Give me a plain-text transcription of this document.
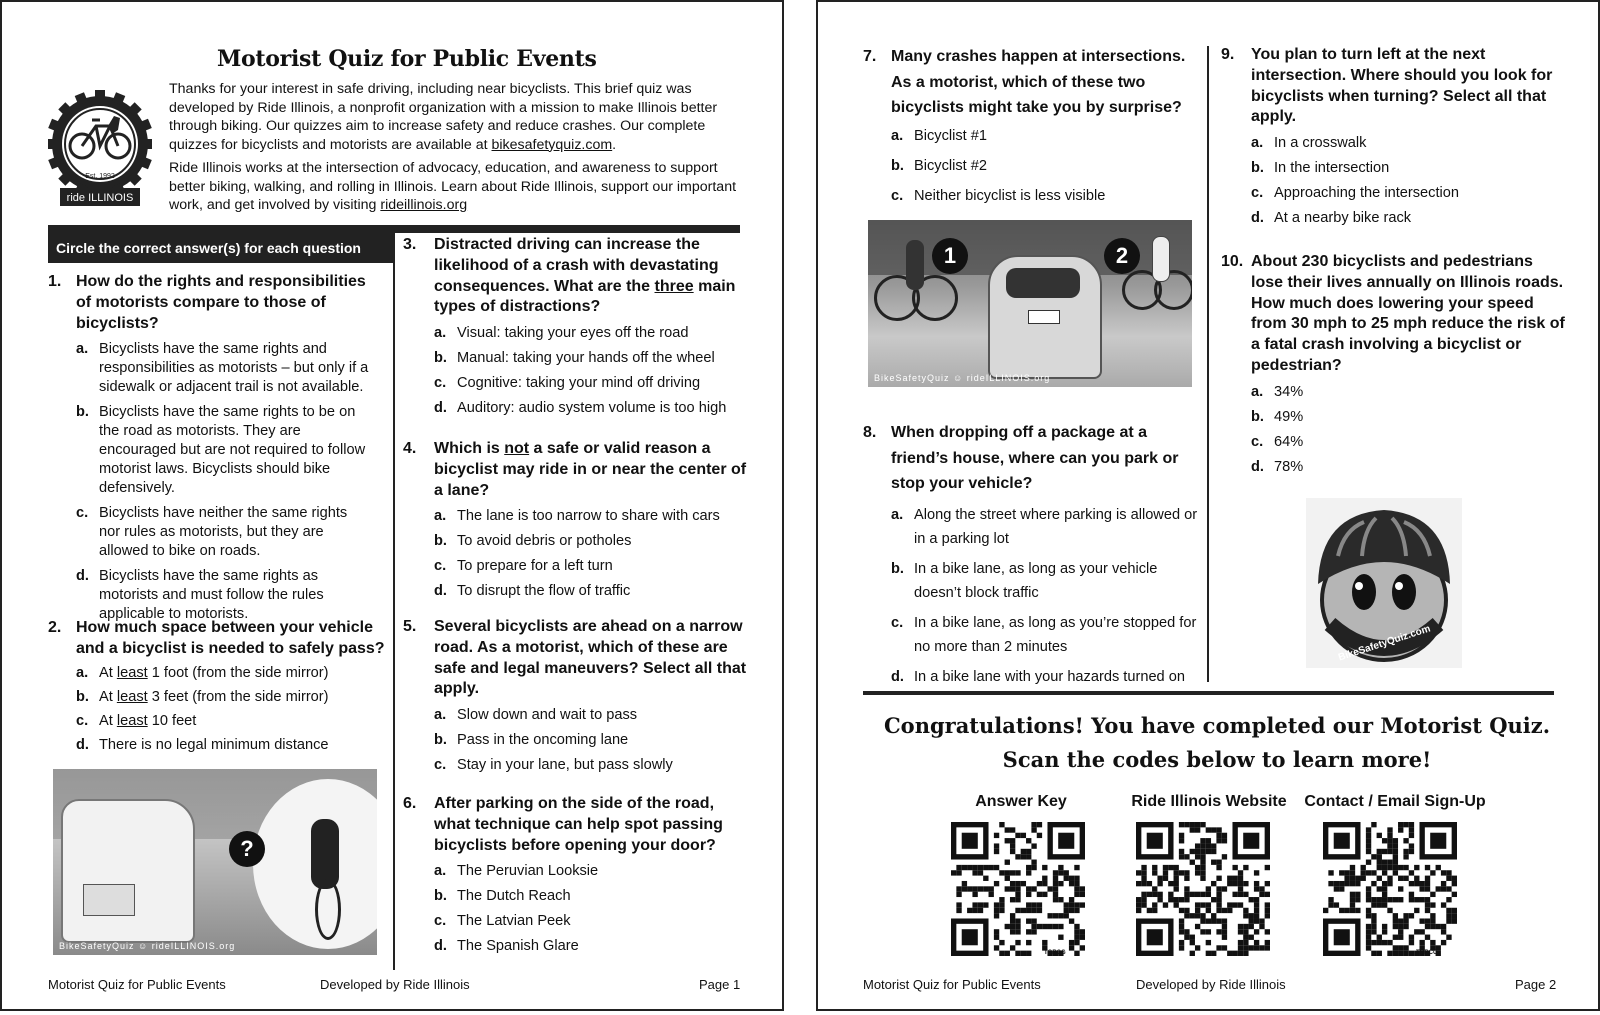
Motorist Quiz for Public Events
Est. 1992
ride ILLINOIS
Thanks for your interest in safe driving, including near bicyclists. This brief quiz was developed by Ride Illinois, a nonprofit organization with a mission to make Illinois better through biking. Our quizzes aim to increase safety and reduce crashes. Our complete quizzes for bicyclists and motorists are available at bikesafetyquiz.com.
Ride Illinois works at the intersection of advocacy, education, and awareness to support better biking, walking, and rolling in Illinois. Learn about Ride Illinois, support our important work, and get involved by visiting rideillinois.org
Circle the correct answer(s) for each question
1. How do the rights and responsibilities of motorists compare to those of bicyclists?
a. Bicyclists have the same rights and responsibilities as motorists – but only if a sidewalk or adjacent trail is not available.
b. Bicyclists have the same rights to be on the road as motorists. They are encouraged but are not required to follow motorist laws. Bicyclists should bike defensively.
c. Bicyclists have neither the same rights nor rules as motorists, but they are allowed to bike on roads.
d. Bicyclists have the same rights as motorists and must follow the rules applicable to motorists.
2. How much space between your vehicle and a bicyclist is needed to safely pass?
a. At least 1 foot (from the side mirror)
b. At least 3 feet (from the side mirror)
c. At least 10 feet
d. There is no legal minimum distance
?
BikeSafetyQuiz ☺ rideILLINOIS.org
3.	Distracted driving can increase the likelihood of a crash with devastating consequences. What are the three main types of distractions?
a. Visual: taking your eyes off the road
b. Manual: taking your hands off the wheel
c. Cognitive: taking your mind off driving
d. Auditory: audio system volume is too high
4.	Which is not a safe or valid reason a bicyclist may ride in or near the center of a lane?
a. The lane is too narrow to share with cars
b. To avoid debris or potholes
c. To prepare for a left turn
d. To disrupt the flow of traffic
5.	Several bicyclists are ahead on a narrow road. As a motorist, which of these are safe and legal maneuvers? Select all that apply.
a. Slow down and wait to pass
b. Pass in the oncoming lane
c. Stay in your lane, but pass slowly
6.	After parking on the side of the road, what technique can help spot passing bicyclists before opening your door?
a. The Peruvian Looksie
b. The Dutch Reach
c. The Latvian Peek
d. The Spanish Glare
Motorist Quiz for Public Events	Developed by Ride Illinois	Page 1
7. Many crashes happen at intersections. As a motorist, which of these two bicyclists might take you by surprise?
a. Bicyclist #1
b. Bicyclist #2
c. Neither bicyclist is less visible
1	2
BikeSafetyQuiz ☺ rideILLINOIS.org
8. When dropping off a package at a friend’s house, where can you park or stop your vehicle?
a. Along the street where parking is allowed or in a parking lot
b. In a bike lane, as long as your vehicle doesn’t block traffic
c. In a bike lane, as long as you’re stopped for no more than 2 minutes
d. In a bike lane with your hazards turned on
9.	You plan to turn left at the next intersection. Where should you look for bicyclists when turning? Select all that apply.
a. In a crosswalk
b. In the intersection
c. Approaching the intersection
d. At a nearby bike rack
10. About 230 bicyclists and pedestrians lose their lives annually on Illinois roads. How much does lowering your speed from 30 mph to 25 mph reduce the risk of a fatal crash involving a bicyclist or pedestrian?
a. 34%
b. 49%
c. 64%
d. 78%
BikeSafetyQuiz.com
Congratulations! You have completed our Motorist Quiz.
Scan the codes below to learn more!
Answer Key	Ride Illinois Website	Contact / Email Sign-Up
TQRCG	TQRCG
Motorist Quiz for Public Events	Developed by Ride Illinois	Page 2
